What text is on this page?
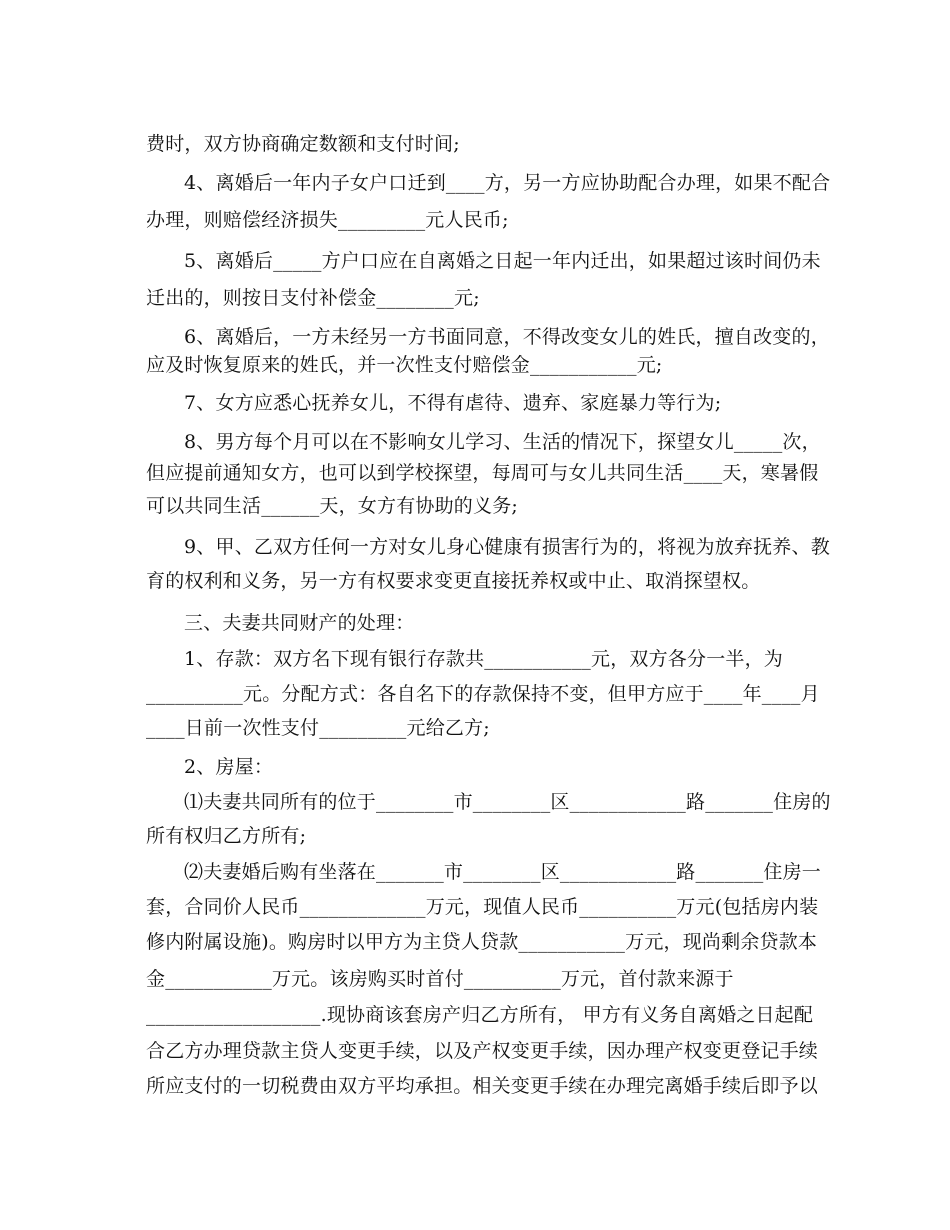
费时，双方协商确定数额和支付时间;
4、离婚后一年内子女户口迁到____方，另一方应协助配合办理，如果不配合
办理，则赔偿经济损失_________元人民币;
5、离婚后_____方户口应在自离婚之日起一年内迁出，如果超过该时间仍未
迁出的，则按日支付补偿金________元;
6、离婚后，一方未经另一方书面同意，不得改变女儿的姓氏，擅自改变的，
应及时恢复原来的姓氏，并一次性支付赔偿金___________元;
7、女方应悉心抚养女儿，不得有虐待、遗弃、家庭暴力等行为;
8、男方每个月可以在不影响女儿学习、生活的情况下，探望女儿_____次，
但应提前通知女方，也可以到学校探望，每周可与女儿共同生活____天，寒暑假
可以共同生活______天，女方有协助的义务;
9、甲、乙双方任何一方对女儿身心健康有损害行为的，将视为放弃抚养、教
育的权利和义务，另一方有权要求变更直接抚养权或中止、取消探望权。
三、夫妻共同财产的处理：
1、存款：双方名下现有银行存款共___________元，双方各分一半，为
__________元。分配方式：各自名下的存款保持不变，但甲方应于____年____月
____日前一次性支付_________元给乙方;
2、房屋：
⑴夫妻共同所有的位于________市________区____________路_______住房的
所有权归乙方所有;
⑵夫妻婚后购有坐落在_______市________区____________路_______住房一
套，合同价人民币_____________万元，现值人民币__________万元(包括房内装
修内附属设施)。购房时以甲方为主贷人贷款___________万元，现尚剩余贷款本
金___________万元。该房购买时首付__________万元，首付款来源于
__________________.现协商该套房产归乙方所有， 甲方有义务自离婚之日起配
合乙方办理贷款主贷人变更手续，以及产权变更手续，因办理产权变更登记手续
所应支付的一切税费由双方平均承担。相关变更手续在办理完离婚手续后即予以
